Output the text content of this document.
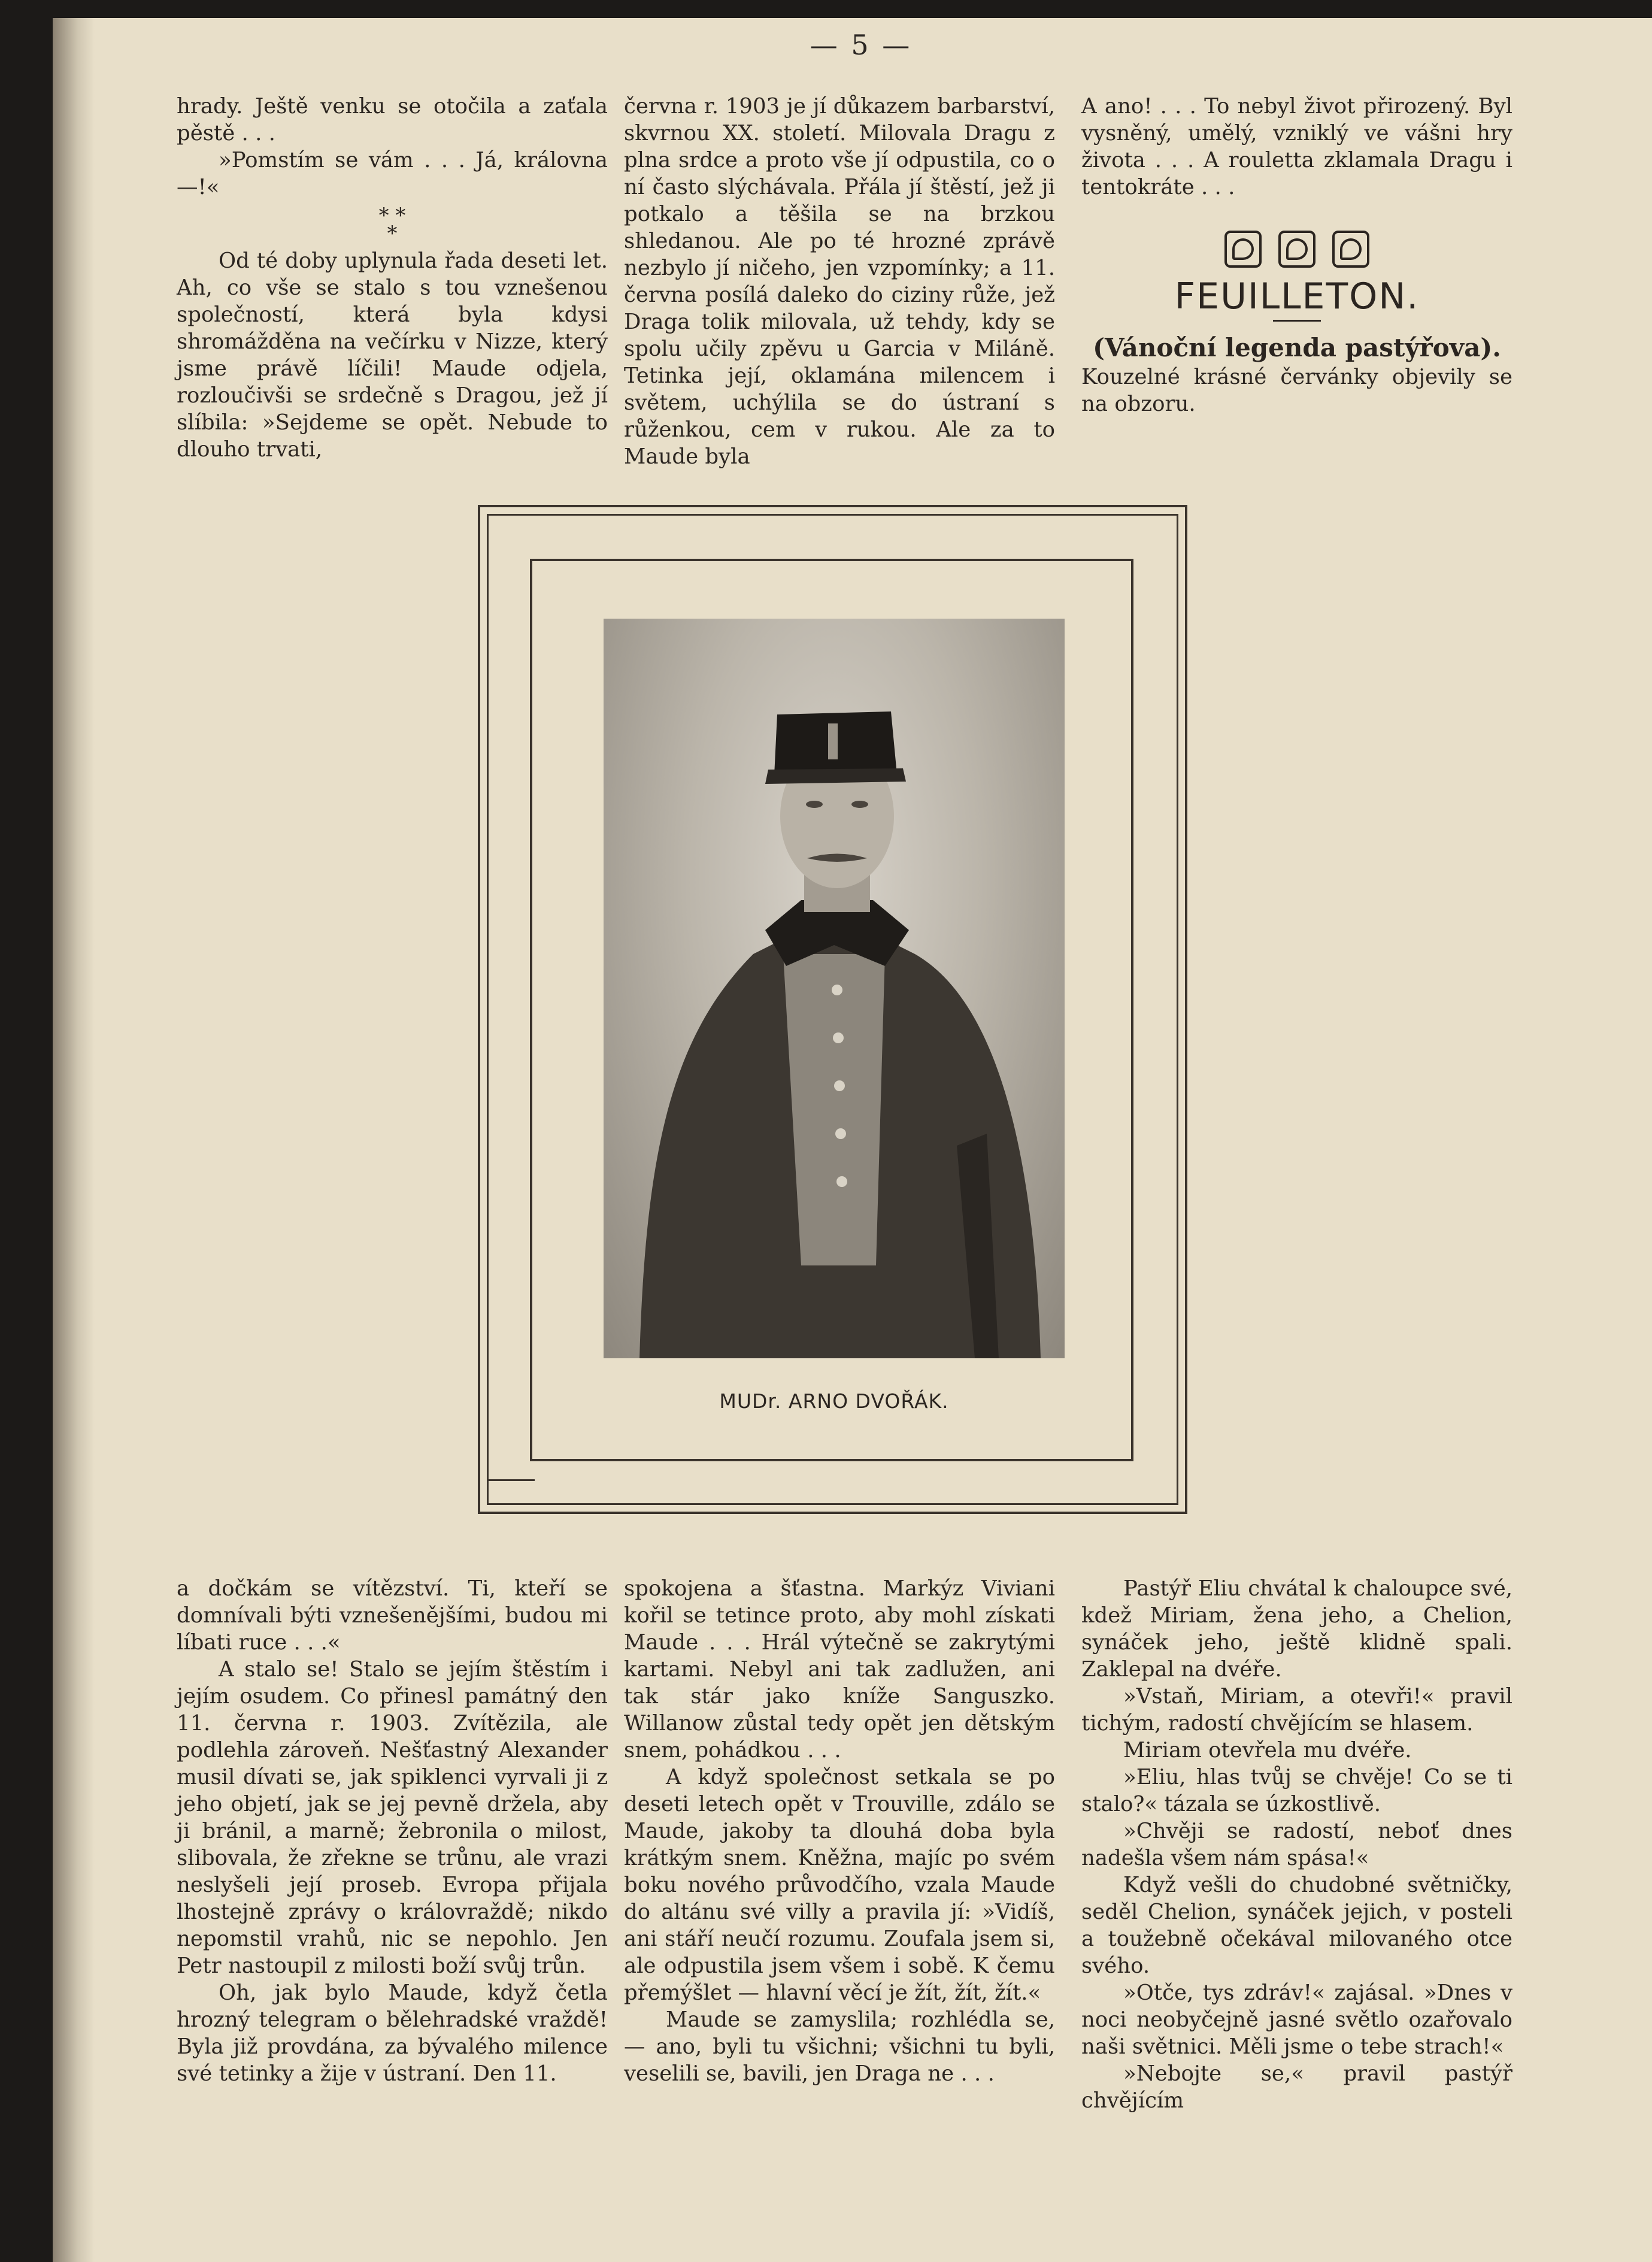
— 5 —

hrady. Ještě venku se otočila a zaťala pěstě . . .

»Pomstím se vám . . . Já, královna —!«

* *
*

Od té doby uplynula řada deseti let. Ah, co vše se stalo s tou vznešenou společností, která byla kdysi shromážděna na večírku v Nizze, který jsme právě líčili! Maude odjela, rozloučivši se srdečně s Dragou, jež jí slíbila: »Sejdeme se opět. Nebude to dlouho trvati,

června r. 1903 je jí důkazem barbarství, skvrnou XX. století. Milovala Dragu z plna srdce a proto vše jí odpustila, co o ní často slýchávala. Přála jí štěstí, jež ji potkalo a těšila se na brzkou shledanou. Ale po té hrozné zprávě nezbylo jí ničeho, jen vzpomínky; a 11. června posílá daleko do ciziny růže, jež Draga tolik milovala, už tehdy, kdy se spolu učily zpěvu u Garcia v Miláně. Tetinka její, oklamána milencem i světem, uchýlila se do ústraní s růženkou, cem v rukou. Ale za to Maude byla

A ano! . . . To nebyl život přirozený. Byl vysněný, umělý, vzniklý ve vášni hry života . . . A rouletta zklamala Dragu i tentokráte . . .

FEUILLETON.

(Vánoční legenda pastýřova).

Kouzelné krásné červánky objevily se na obzoru.

MUDr. ARNO DVOŘÁK.

a dočkám se vítězství. Ti, kteří se domnívali býti vznešenějšími, budou mi líbati ruce . . .«

A stalo se! Stalo se jejím štěstím i jejím osudem. Co přinesl památný den 11. června r. 1903. Zvítězila, ale podlehla zároveň. Nešťastný Alexander musil dívati se, jak spiklenci vyrvali ji z jeho objetí, jak se jej pevně držela, aby ji bránil, a marně; žebronila o milost, slibovala, že zřekne se trůnu, ale vrazi neslyšeli její proseb. Evropa přijala lhostejně zprávy o královraždě; nikdo nepomstil vrahů, nic se nepohlo. Jen Petr nastoupil z milosti boží svůj trůn.

Oh, jak bylo Maude, když četla hrozný telegram o bělehradské vraždě! Byla již provdána, za bývalého milence své tetinky a žije v ústraní. Den 11.

spokojena a šťastna. Markýz Viviani kořil se tetince proto, aby mohl získati Maude . . . Hrál výtečně se zakrytými kartami. Nebyl ani tak zadlužen, ani tak stár jako kníže Sanguszko. Willanow zůstal tedy opět jen dětským snem, pohádkou . . .

A když společnost setkala se po deseti letech opět v Trouville, zdálo se Maude, jakoby ta dlouhá doba byla krátkým snem. Kněžna, majíc po svém boku nového průvodčího, vzala Maude do altánu své villy a pravila jí: »Vidíš, ani stáří neučí rozumu. Zoufala jsem si, ale odpustila jsem všem i sobě. K čemu přemýšlet — hlavní věcí je žít, žít, žít.«

Maude se zamyslila; rozhlédla se, — ano, byli tu všichni; všichni tu byli, veselili se, bavili, jen Draga ne . . .

Pastýř Eliu chvátal k chaloupce své, kdež Miriam, žena jeho, a Chelion, synáček jeho, ještě klidně spali. Zaklepal na dvéře.

»Vstaň, Miriam, a otevři!« pravil tichým, radostí chvějícím se hlasem.

Miriam otevřela mu dvéře.

»Eliu, hlas tvůj se chvěje! Co se ti stalo?« tázala se úzkostlivě.

»Chvěji se radostí, neboť dnes nadešla všem nám spása!«

Když vešli do chudobné světničky, seděl Chelion, synáček jejich, v posteli a toužebně očekával milovaného otce svého.

»Otče, tys zdráv!« zajásal. »Dnes v noci neobyčejně jasné světlo ozařovalo naši světnici. Měli jsme o tebe strach!«

»Nebojte se,« pravil pastýř chvějícím
